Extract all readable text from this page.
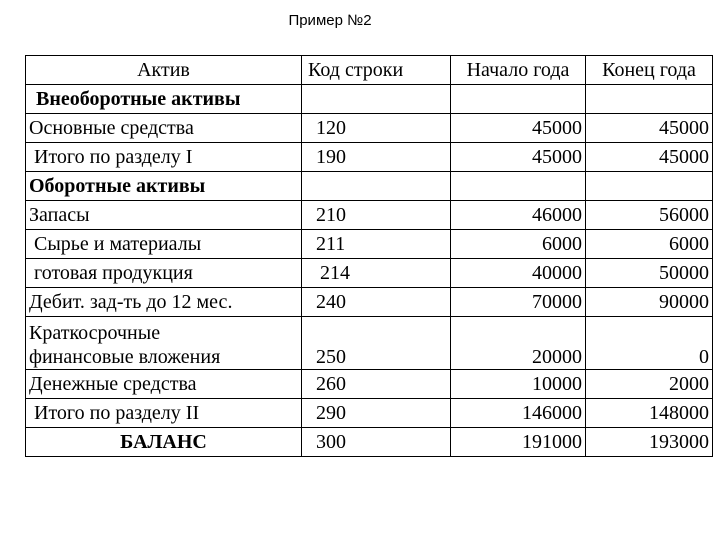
Пример №2
Актив	Код строки	Начало года	Конец года
Внеоборотные активы			
Основные средства	120	45000	45000
Итого по разделу I	190	45000	45000
Оборотные активы			
Запасы	210	46000	56000
Сырье и материалы	211	6000	6000
готовая продукция	214	40000	50000
Дебит. зад-ть до 12 мес.	240	70000	90000

Краткосрочные
финансовые вложения	250	20000	0
Денежные средства	260	10000	2000
Итого по разделу II	290	146000	148000
БАЛАНС	300	191000	193000
